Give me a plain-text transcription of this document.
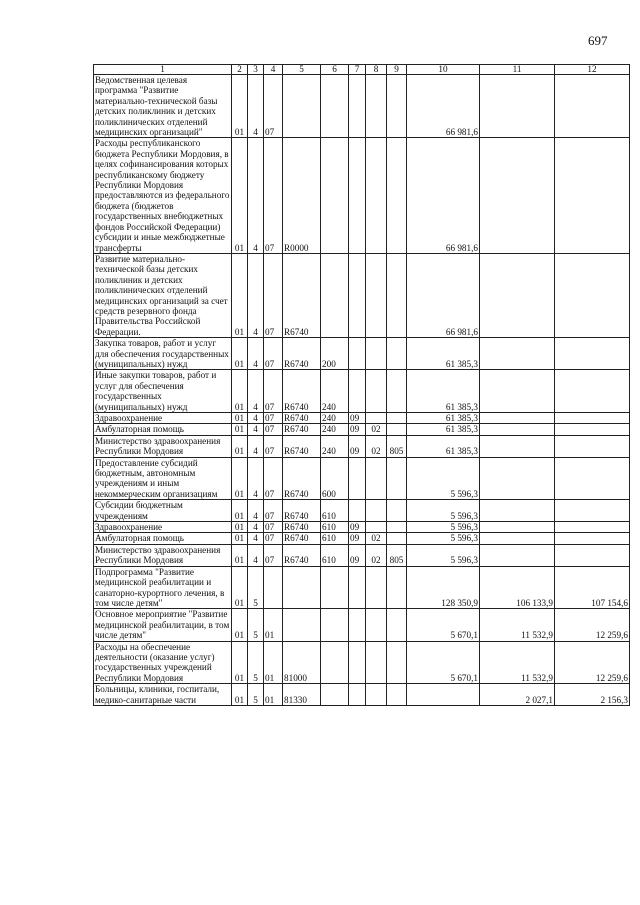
697
1	2	3	4	5	6	7	8	9	10	11	12
Ведомственная целевая программа "Развитие материально-технической базы детских поликлиник и детских поликлинических отделений медицинских организаций"	01	4	07						66 981,6		
Расходы республиканского бюджета Республики Мордовия, в целях софинансирования которых республиканскому бюджету Республики Мордовия предоставляются из федерального бюджета (бюджетов государственных внебюджетных фондов Российской Федерации) субсидии и иные межбюджетные трансферты	01	4	07	R0000					66 981,6		
Развитие материально-технической базы детских поликлиник и детских поликлинических отделений медицинских организаций за счет средств резервного фонда Правительства Российской Федерации.	01	4	07	R6740					66 981,6		
Закупка товаров, работ и услуг для обеспечения государственных (муниципальных) нужд	01	4	07	R6740	200				61 385,3		
Иные закупки товаров, работ и услуг для обеспечения государственных (муниципальных) нужд	01	4	07	R6740	240				61 385,3		
Здравоохранение	01	4	07	R6740	240	09			61 385,3		
Амбулаторная помощь	01	4	07	R6740	240	09	02		61 385,3		
Министерство здравоохранения Республики Мордовия	01	4	07	R6740	240	09	02	805	61 385,3		
Предоставление субсидий бюджетным, автономным учреждениям и иным некоммерческим организациям	01	4	07	R6740	600				5 596,3		
Субсидии бюджетным учреждениям	01	4	07	R6740	610				5 596,3		
Здравоохранение	01	4	07	R6740	610	09			5 596,3		
Амбулаторная помощь	01	4	07	R6740	610	09	02		5 596,3		
Министерство здравоохранения Республики Мордовия	01	4	07	R6740	610	09	02	805	5 596,3		
Подпрограмма "Развитие медицинской реабилитации и санаторно-курортного лечения, в том числе детям"	01	5							128 350,9	106 133,9	107 154,6
Основное мероприятие "Развитие медицинской реабилитации, в том числе детям"	01	5	01						5 670,1	11 532,9	12 259,6
Расходы на обеспечение деятельности (оказание услуг) государственных учреждений Республики Мордовия	01	5	01	81000					5 670,1	11 532,9	12 259,6
Больницы, клиники, госпитали, медико-санитарные части	01	5	01	81330						2 027,1	2 156,3
